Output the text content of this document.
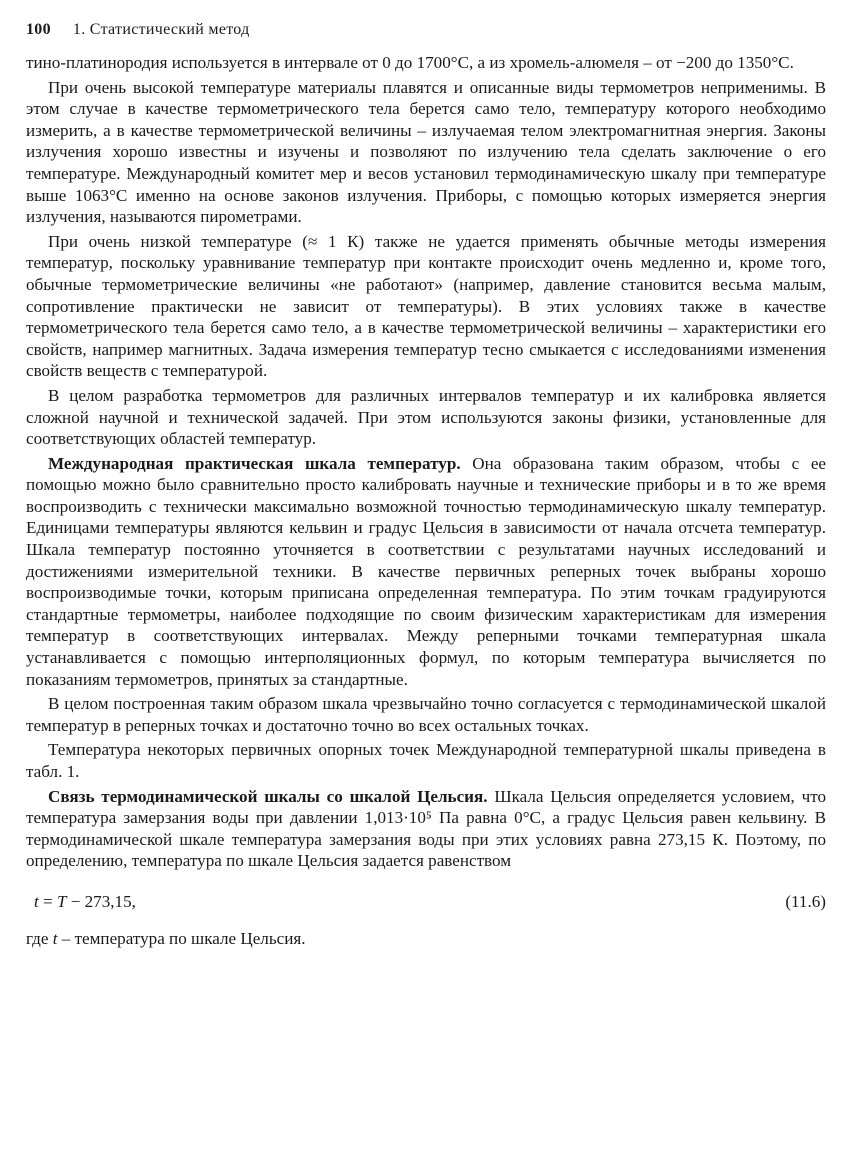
100 1. Статистический метод

тино-платинородия используется в интервале от 0 до 1700°С, а из хромель-алюмеля – от −200 до 1350°С.

При очень высокой температуре материалы плавятся и описанные виды термометров неприменимы. В этом случае в качестве термометрического тела берется само тело, температуру которого необходимо измерить, а в качестве термометрической величины – излучаемая телом электромагнитная энергия. Законы излучения хорошо известны и изучены и позволяют по излучению тела сделать заключение о его температуре. Международный комитет мер и весов установил термодинамическую шкалу при температуре выше 1063°С именно на основе законов излучения. Приборы, с помощью которых измеряется энергия излучения, называются пирометрами.

При очень низкой температуре (≈ 1 К) также не удается применять обычные методы измерения температур, поскольку уравнивание температур при контакте происходит очень медленно и, кроме того, обычные термометрические величины «не работают» (например, давление становится весьма малым, сопротивление практически не зависит от температуры). В этих условиях также в качестве термометрического тела берется само тело, а в качестве термометрической величины – характеристики его свойств, например магнитных. Задача измерения температур тесно смыкается с исследованиями изменения свойств веществ с температурой.

В целом разработка термометров для различных интервалов температур и их калибровка является сложной научной и технической задачей. При этом используются законы физики, установленные для соответствующих областей температур.

Международная практическая шкала температур. Она образована таким образом, чтобы с ее помощью можно было сравнительно просто калибровать научные и технические приборы и в то же время воспроизводить с технически максимально возможной точностью термодинамическую шкалу температур. Единицами температуры являются кельвин и градус Цельсия в зависимости от начала отсчета температур. Шкала температур постоянно уточняется в соответствии с результатами научных исследований и достижениями измерительной техники. В качестве первичных реперных точек выбраны хорошо воспроизводимые точки, которым приписана определенная температура. По этим точкам градуируются стандартные термометры, наиболее подходящие по своим физическим характеристикам для измерения температур в соответствующих интервалах. Между реперными точками температурная шкала устанавливается с помощью интерполяционных формул, по которым температура вычисляется по показаниям термометров, принятых за стандартные.

В целом построенная таким образом шкала чрезвычайно точно согласуется с термодинамической шкалой температур в реперных точках и достаточно точно во всех остальных точках.

Температура некоторых первичных опорных точек Международной температурной шкалы приведена в табл. 1.

Связь термодинамической шкалы со шкалой Цельсия. Шкала Цельсия определяется условием, что температура замерзания воды при давлении 1,013·10⁵ Па равна 0°С, а градус Цельсия равен кельвину. В термодинамической шкале температура замерзания воды при этих условиях равна 273,15 К. Поэтому, по определению, температура по шкале Цельсия задается равенством

t = T − 273,15,	(11.6)
где t – температура по шкале Цельсия.
